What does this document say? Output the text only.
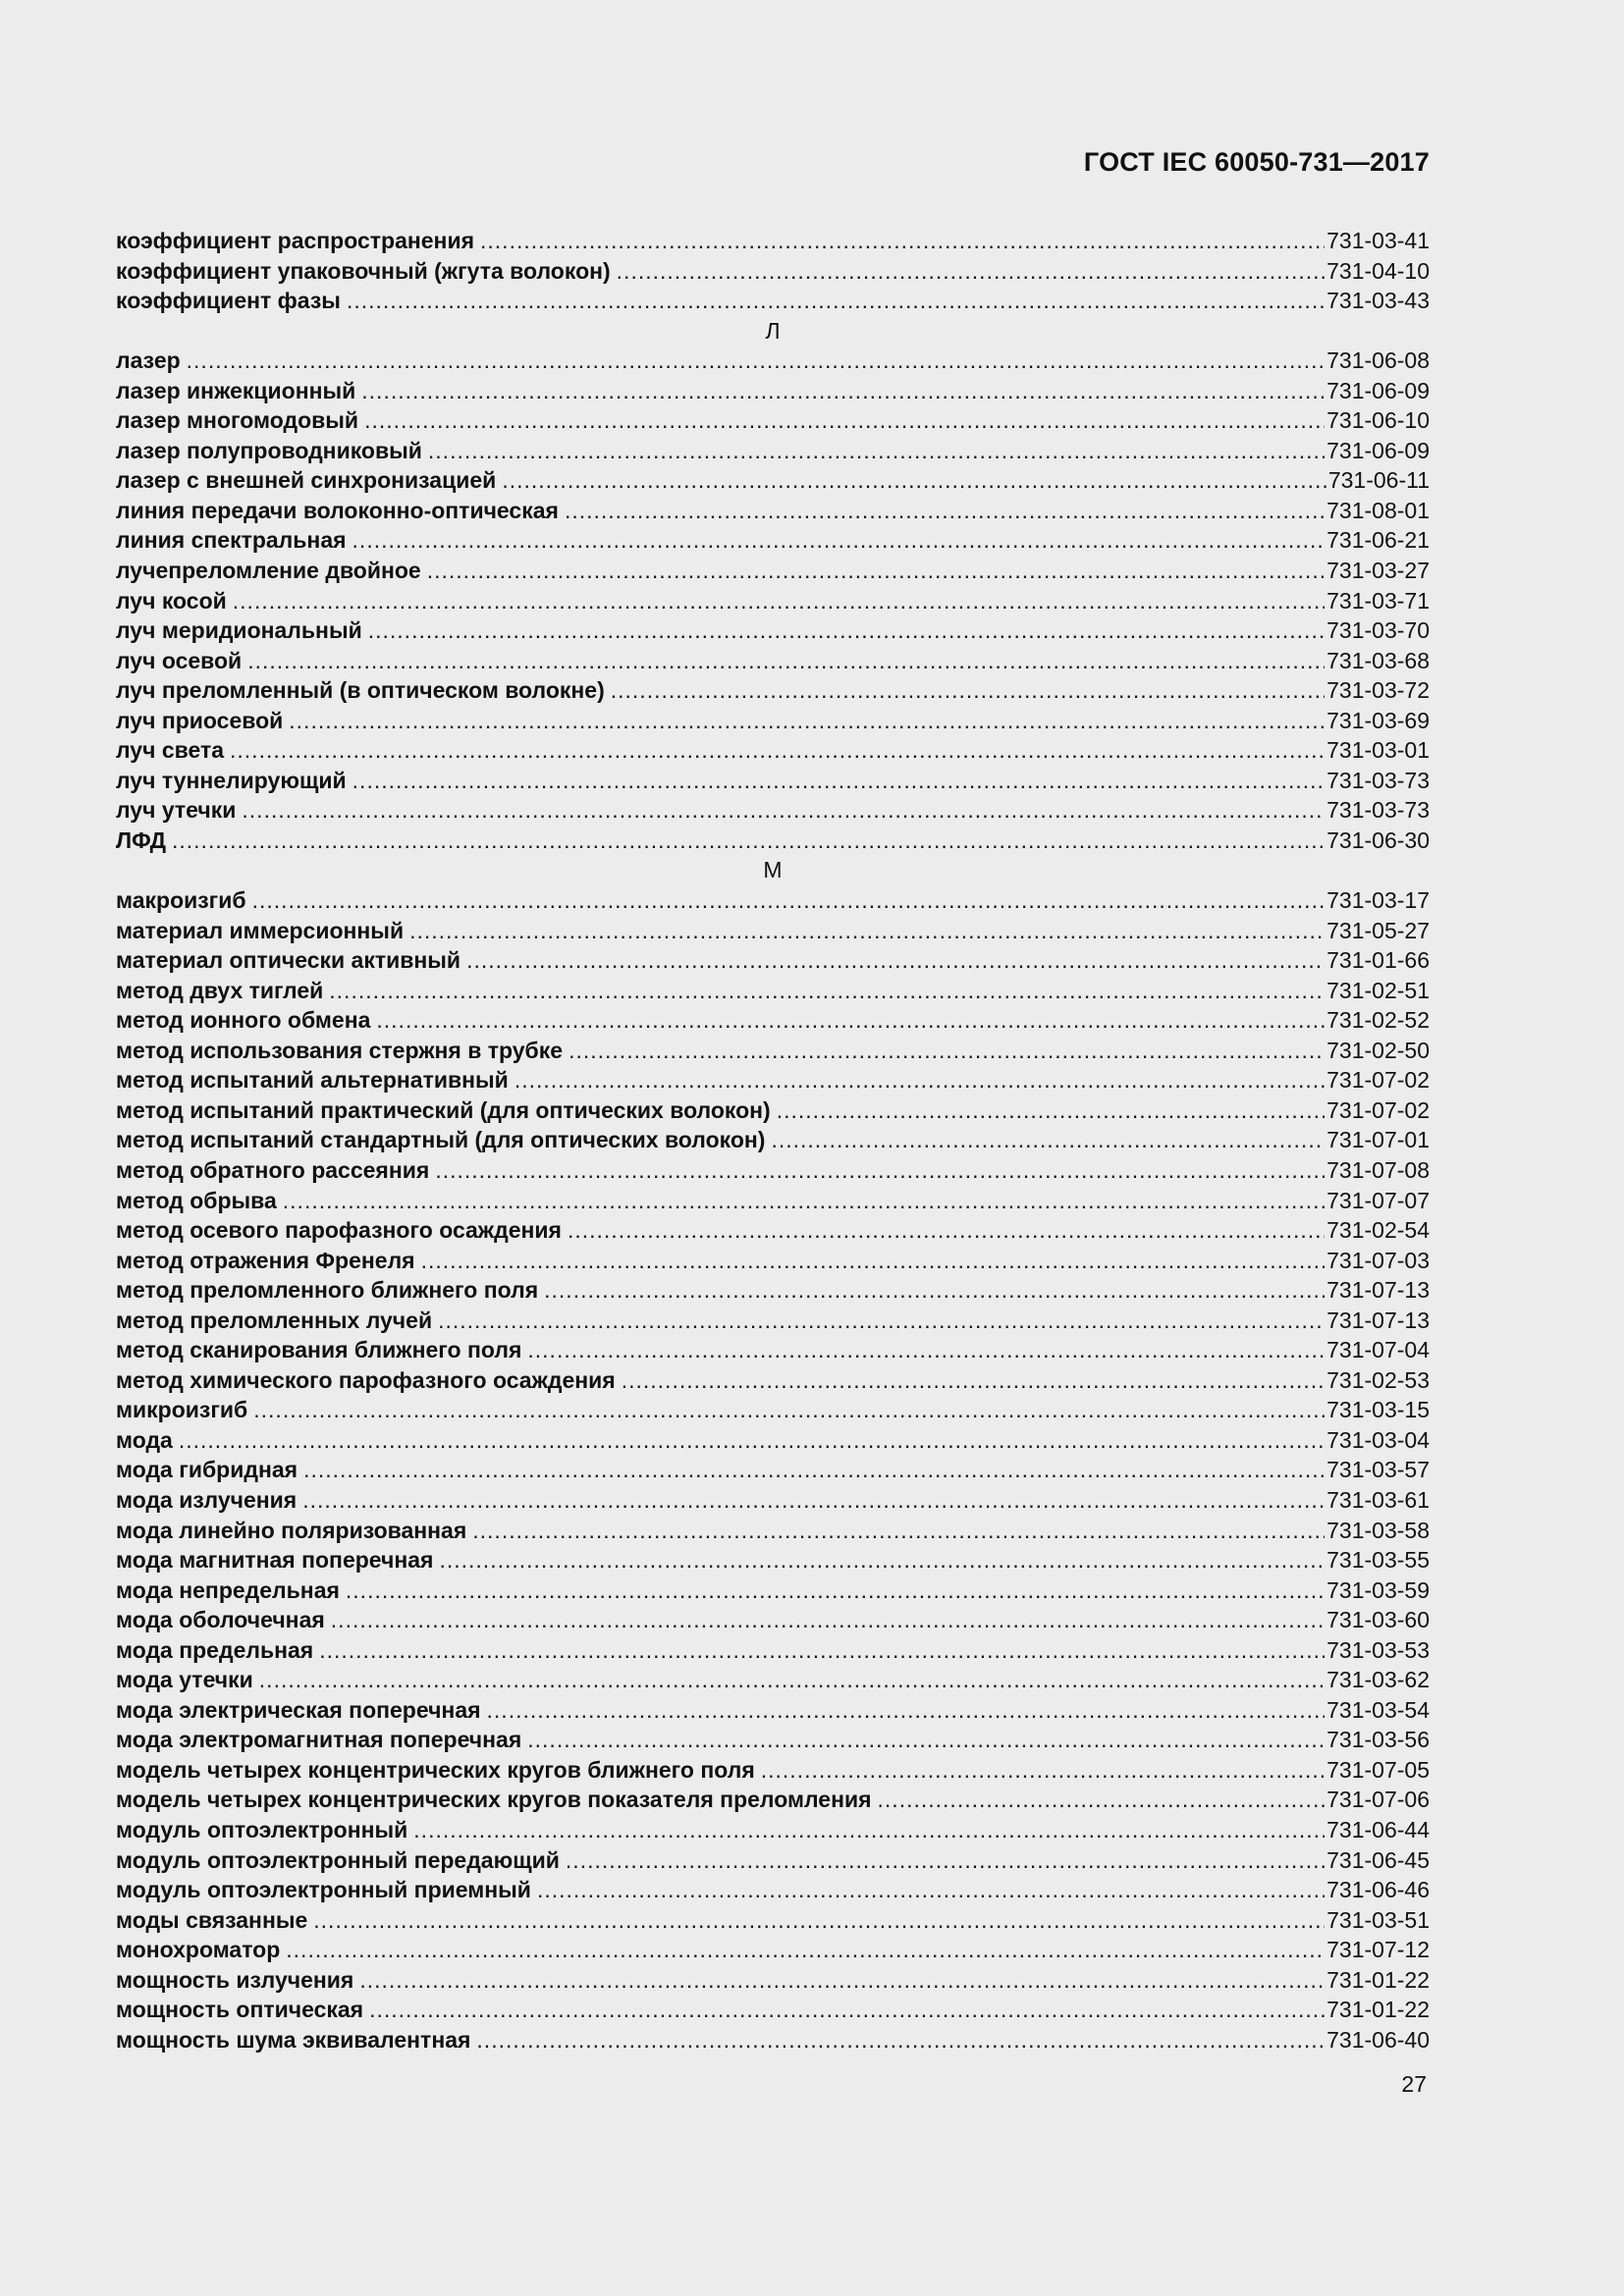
ГОСТ IEC 60050-731—2017
коэффициент распространения .....	731-03-41
коэффициент упаковочный (жгута волокон) .....	731-04-10
коэффициент фазы .....	731-03-43
Л
лазер .....	731-06-08
лазер инжекционный .....	731-06-09
лазер многомодовый .....	731-06-10
лазер полупроводниковый .....	731-06-09
лазер с внешней синхронизацией .....	731-06-11
линия передачи волоконно-оптическая .....	731-08-01
линия спектральная .....	731-06-21
лучепреломление двойное .....	731-03-27
луч косой .....	731-03-71
луч меридиональный .....	731-03-70
луч осевой .....	731-03-68
луч преломленный (в оптическом волокне) .....	731-03-72
луч приосевой .....	731-03-69
луч света .....	731-03-01
луч туннелирующий .....	731-03-73
луч утечки .....	731-03-73
ЛФД .....	731-06-30
М
макроизгиб .....	731-03-17
материал иммерсионный .....	731-05-27
материал оптически активный .....	731-01-66
метод двух тиглей .....	731-02-51
метод ионного обмена .....	731-02-52
метод использования стержня в трубке .....	731-02-50
метод испытаний альтернативный .....	731-07-02
метод испытаний практический (для оптических волокон) .....	731-07-02
метод испытаний стандартный (для оптических волокон) .....	731-07-01
метод обратного рассеяния .....	731-07-08
метод обрыва .....	731-07-07
метод осевого парофазного осаждения .....	731-02-54
метод отражения Френеля .....	731-07-03
метод преломленного ближнего поля .....	731-07-13
метод преломленных лучей .....	731-07-13
метод сканирования ближнего поля .....	731-07-04
метод химического парофазного осаждения .....	731-02-53
микроизгиб .....	731-03-15
мода .....	731-03-04
мода гибридная .....	731-03-57
мода излучения .....	731-03-61
мода линейно поляризованная .....	731-03-58
мода магнитная поперечная .....	731-03-55
мода непредельная .....	731-03-59
мода оболочечная .....	731-03-60
мода предельная .....	731-03-53
мода утечки .....	731-03-62
мода электрическая поперечная .....	731-03-54
мода электромагнитная поперечная .....	731-03-56
модель четырех концентрических кругов ближнего поля .....	731-07-05
модель четырех концентрических кругов показателя преломления .....	731-07-06
модуль оптоэлектронный .....	731-06-44
модуль оптоэлектронный передающий .....	731-06-45
модуль оптоэлектронный приемный .....	731-06-46
моды связанные .....	731-03-51
монохроматор .....	731-07-12
мощность излучения .....	731-01-22
мощность оптическая .....	731-01-22
мощность шума эквивалентная .....	731-06-40
27
